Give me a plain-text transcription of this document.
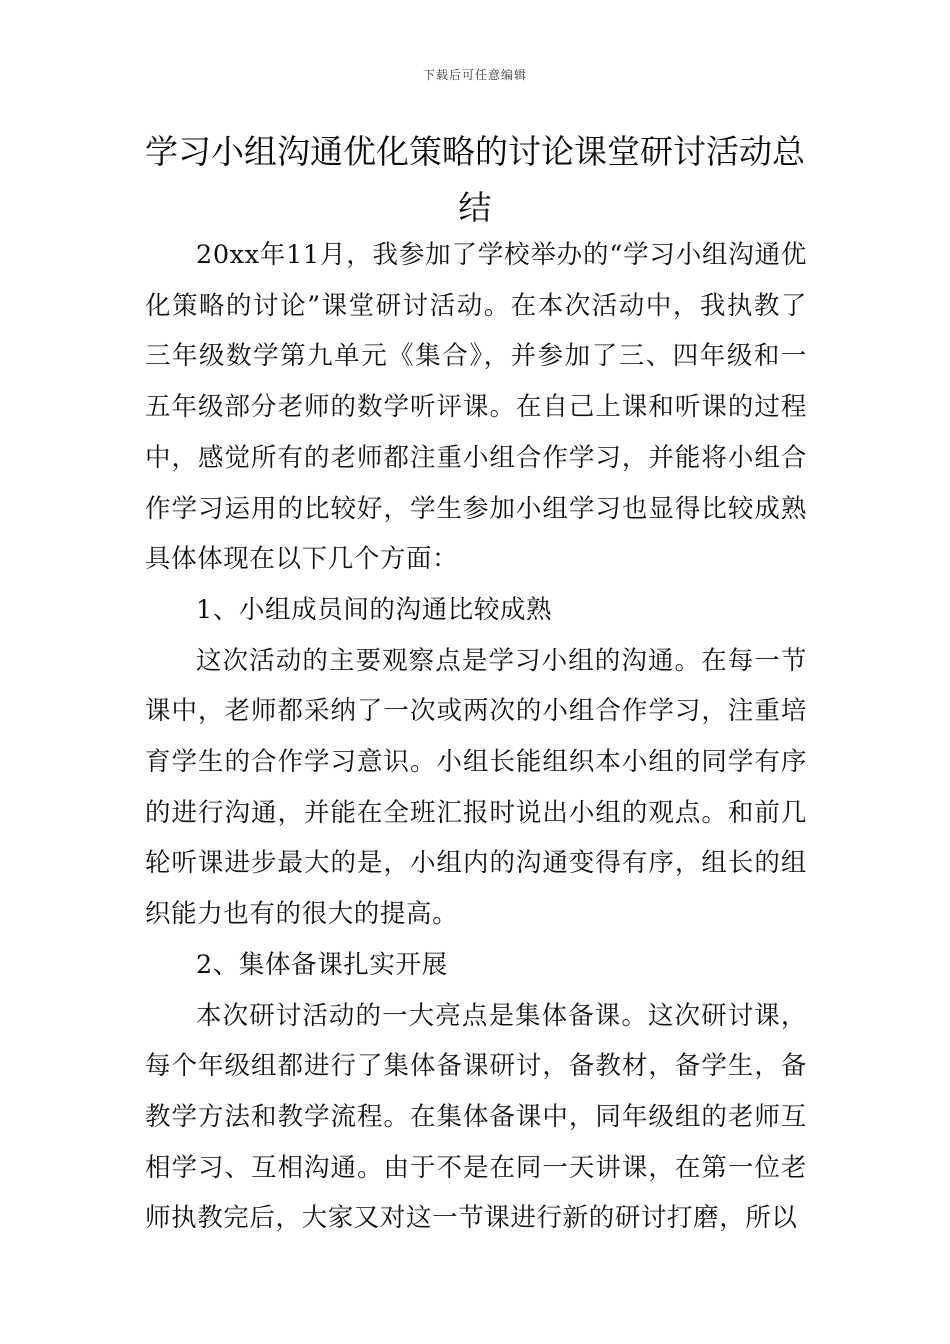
下载后可任意编辑
学习小组沟通优化策略的讨论课堂研讨活动总结

20xx年11月，我参加了学校举办的“学习小组沟通优化策略的讨论”课堂研讨活动。在本次活动中，我执教了三年级数学第九单元《集合》，并参加了三、四年级和一五年级部分老师的数学听评课。在自己上课和听课的过程中，感觉所有的老师都注重小组合作学习，并能将小组合作学习运用的比较好，学生参加小组学习也显得比较成熟具体体现在以下几个方面：

1、小组成员间的沟通比较成熟

这次活动的主要观察点是学习小组的沟通。在每一节课中，老师都采纳了一次或两次的小组合作学习，注重培育学生的合作学习意识。小组长能组织本小组的同学有序的进行沟通，并能在全班汇报时说出小组的观点。和前几轮听课进步最大的是，小组内的沟通变得有序，组长的组织能力也有的很大的提高。

2、集体备课扎实开展

本次研讨活动的一大亮点是集体备课。这次研讨课，每个年级组都进行了集体备课研讨，备教材，备学生，备教学方法和教学流程。在集体备课中，同年级组的老师互相学习、互相沟通。由于不是在同一天讲课，在第一位老师执教完后，大家又对这一节课进行新的研讨打磨，所以
